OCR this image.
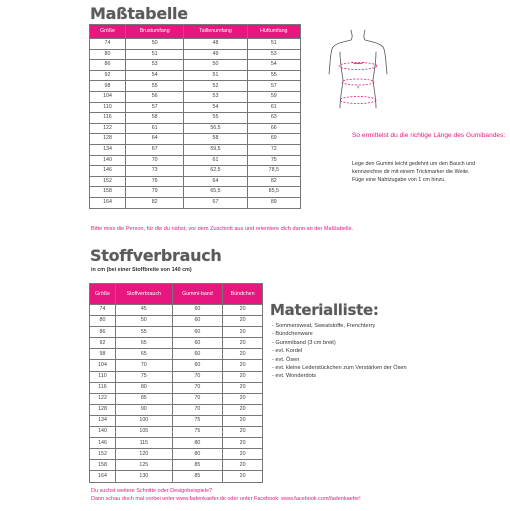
Maßtabelle
Größe	Brustumfang	Taillenumfang	Hüftumfang
74	50	48	51
80	51	49	53
86	53	50	54
92	54	51	55
98	55	52	57
104	56	53	59
110	57	54	61
116	58	55	63
122	61	56,5	66
128	64	58	69
134	67	59,5	72
140	70	61	75
146	73	62,5	78,5
152	76	64	82
158	79	65,5	85,5
164	82	67	89
So ermittelst du die richtige Länge des Gumibandes:
Lege den Gummi leicht gedehnt um den Bauch und kennzeichne dir mit einem Trickmarker die Weite. Füge eine Nahtzugabe von 1 cm hinzu.
Bitte miss die Person, für die du nähst, vor dem Zuschnitt aus und orientiere dich dann an der Maßtabelle.
Stoffverbrauch
in cm (bei einer Stoffbreite von 140 cm)
Größe	Stoffverbrauch	Gummi-band	Bündchen
74	45	60	20
80	50	60	20
86	55	60	20
92	65	60	20
98	65	60	20
104	70	60	20
110	75	70	20
116	80	70	20
122	85	70	20
128	90	70	20
134	100	75	20
140	105	75	20
146	115	80	20
152	120	80	20
158	125	85	20
164	130	85	20
Materialliste:
- Sommersweat, Sweatstoffe, Frenchterry
- Bündchenware
- Gummiband (3 cm breit)
- evt. Kordel
- evt. Ösen
- evt. kleine Lederstückchen zum Verstärken der Ösen
- evt. Wonderdots
Du suchst weitere Schnitte oder Designbeispiele?
Dann schau doch mal vorbei unter www.fadenkaefer.de oder unter Facebook: www.facebook.com/fadenkaefer!
